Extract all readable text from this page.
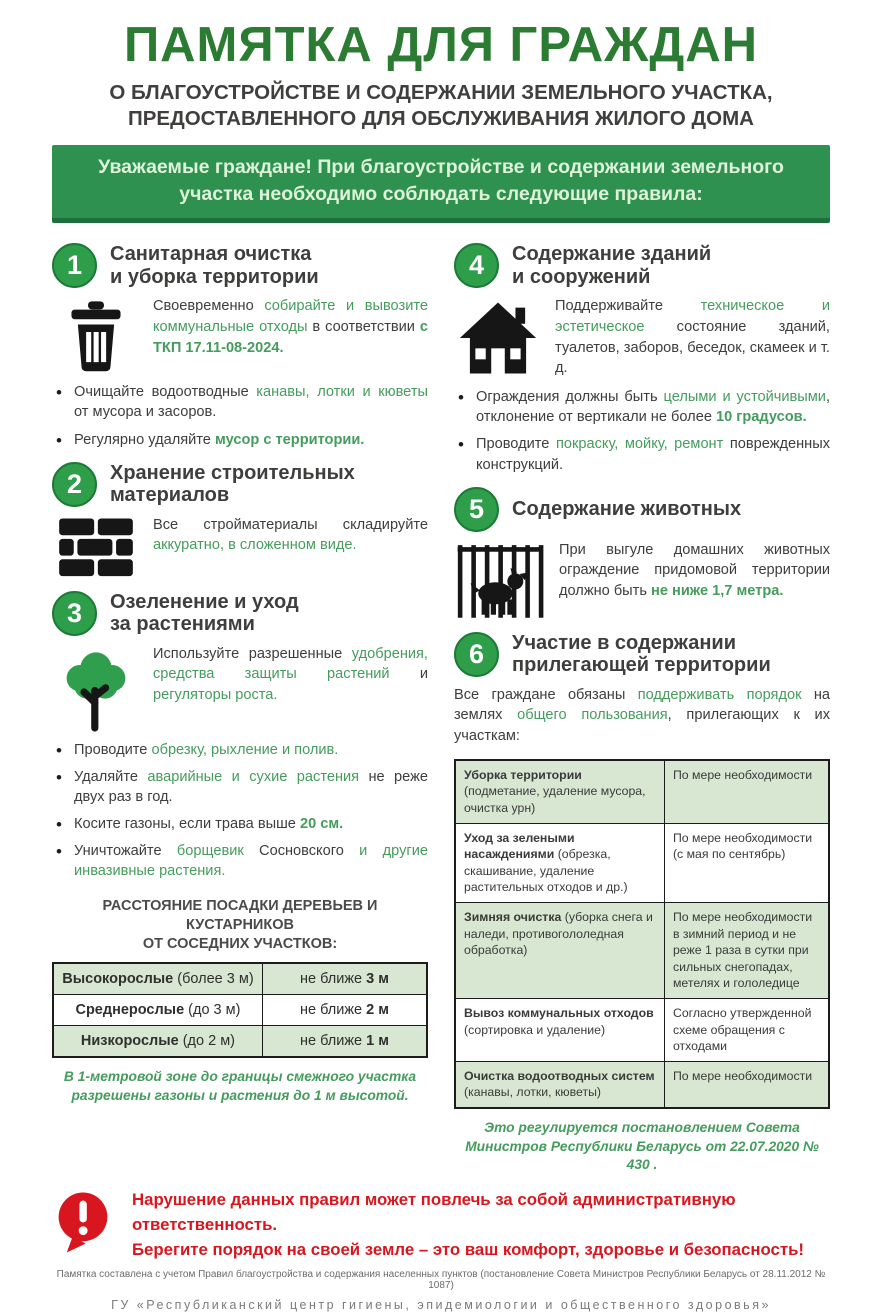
ПАМЯТКА ДЛЯ ГРАЖДАН
О БЛАГОУСТРОЙСТВЕ И СОДЕРЖАНИИ ЗЕМЕЛЬНОГО УЧАСТКА,
ПРЕДОСТАВЛЕННОГО ДЛЯ ОБСЛУЖИВАНИЯ ЖИЛОГО ДОМА
Уважаемые граждане! При благоустройстве и содержании земельного участка необходимо соблюдать следующие правила:
1	Санитарная очистка
и уборка территории

Своевременно собирайте и вывозите коммунальные отходы в соответствии с ТКП 17.11-08-2024.

• Очищайте водоотводные канавы, лотки и кюветы от мусора и засоров.
• Регулярно удаляйте мусор с территории.
2	Хранение строительных
материалов

Все стройматериалы складируйте аккуратно, в сложенном виде.

3	Озеленение и уход
за растениями

Используйте разрешенные удобрения, средства защиты растений и регуляторы роста.

• Проводите обрезку, рыхление и полив.
• Удаляйте аварийные и сухие растения не реже двух раз в год.
• Косите газоны, если трава выше 20 см.
• Уничтожайте борщевик Сосновского и другие инвазивные растения.
РАССТОЯНИЕ ПОСАДКИ ДЕРЕВЬЕВ И КУСТАРНИКОВ
ОТ СОСЕДНИХ УЧАСТКОВ:
Высокорослые (более 3 м)	не ближе 3 м
Среднерослые (до 3 м)	не ближе 2 м
Низкорослые (до 2 м)	не ближе 1 м

В 1-метровой зоне до границы смежного участка разрешены газоны и растения до 1 м высотой.

4	Содержание зданий
и сооружений

Поддерживайте техническое и эстетическое состояние зданий, туалетов, заборов, беседок, скамеек и т. д.

• Ограждения должны быть целыми и устойчивыми, отклонение от вертикали не более 10 градусов.
• Проводите покраску, мойку, ремонт поврежденных конструкций.
5	Содержание животных

При выгуле домашних животных ограждение придомовой территории должно быть не ниже 1,7 метра.

6	Участие в содержании
прилегающей территории

Все граждане обязаны поддерживать порядок на землях общего пользования, прилегающих к их участкам:

Уборка территории (подметание, удаление мусора, очистка урн)	По мере необходимости
Уход за зелеными насаждениями (обрезка, скашивание, удаление растительных отходов и др.)	По мере необходимости (с мая по сентябрь)
Зимняя очистка (уборка снега и наледи, противогололедная обработка)	По мере необходимости в зимний период и не реже 1 раза в сутки при сильных снегопадах, метелях и гололедице
Вывоз коммунальных отходов (сортировка и удаление)	Согласно утвержденной схеме обращения с отходами
Очистка водоотводных систем (канавы, лотки, кюветы)	По мере необходимости

Это регулируется постановлением Совета Министров Республики Беларусь от 22.07.2020 № 430 .

Нарушение данных правил может повлечь за собой административную ответственность.

Берегите порядок на своей земле – это ваш комфорт, здоровье и безопасность!

Памятка составлена с учетом Правил благоустройства и содержания населенных пунктов (постановление Совета Министров Республики Беларусь от 28.11.2012 № 1087)

ГУ «Республиканский центр гигиены, эпидемиологии и общественного здоровья»
